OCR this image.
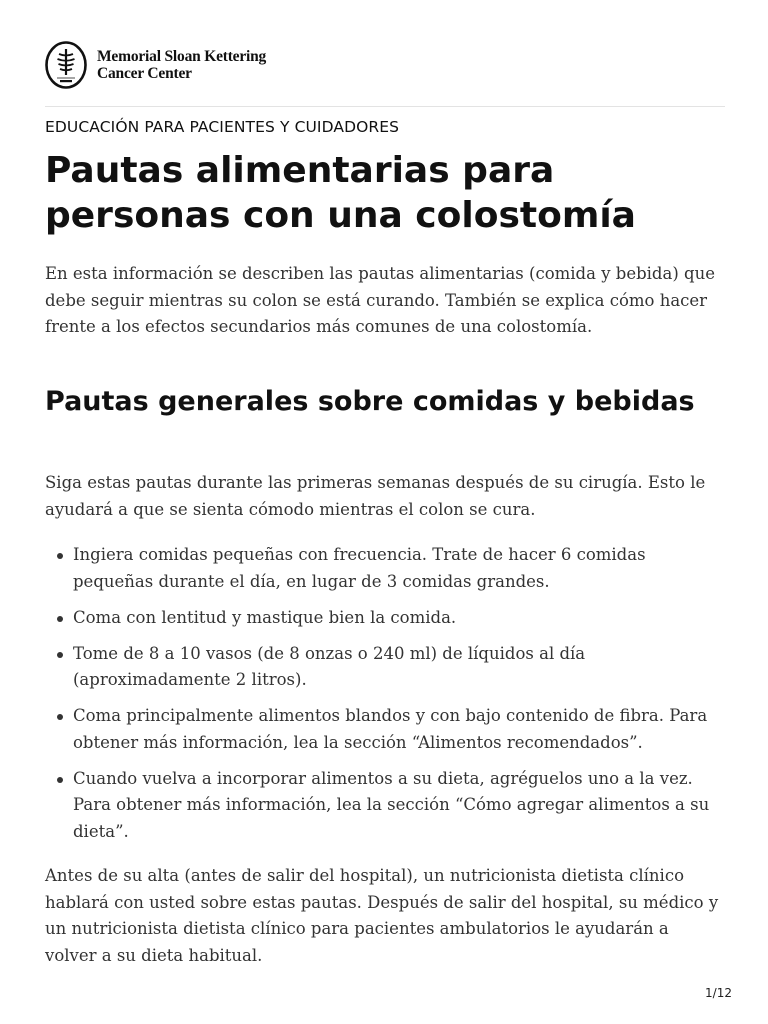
Memorial Sloan Kettering
Cancer Center
EDUCACIÓN PARA PACIENTES Y CUIDADORES
Pautas alimentarias para personas con una colostomía

En esta información se describen las pautas alimentarias (comida y bebida) que debe seguir mientras su colon se está curando. También se explica cómo hacer frente a los efectos secundarios más comunes de una colostomía.

Pautas generales sobre comidas y bebidas

Siga estas pautas durante las primeras semanas después de su cirugía. Esto le ayudará a que se sienta cómodo mientras el colon se cura.

Ingiera comidas pequeñas con frecuencia. Trate de hacer 6 comidas pequeñas durante el día, en lugar de 3 comidas grandes.
Coma con lentitud y mastique bien la comida.
Tome de 8 a 10 vasos (de 8 onzas o 240 ml) de líquidos al día (aproximadamente 2 litros).
Coma principalmente alimentos blandos y con bajo contenido de fibra. Para obtener más información, lea la sección “Alimentos recomendados”.
Cuando vuelva a incorporar alimentos a su dieta, agréguelos uno a la vez. Para obtener más información, lea la sección “Cómo agregar alimentos a su dieta”.

Antes de su alta (antes de salir del hospital), un nutricionista dietista clínico hablará con usted sobre estas pautas. Después de salir del hospital, su médico y un nutricionista dietista clínico para pacientes ambulatorios le ayudarán a volver a su dieta habitual.

1/12
